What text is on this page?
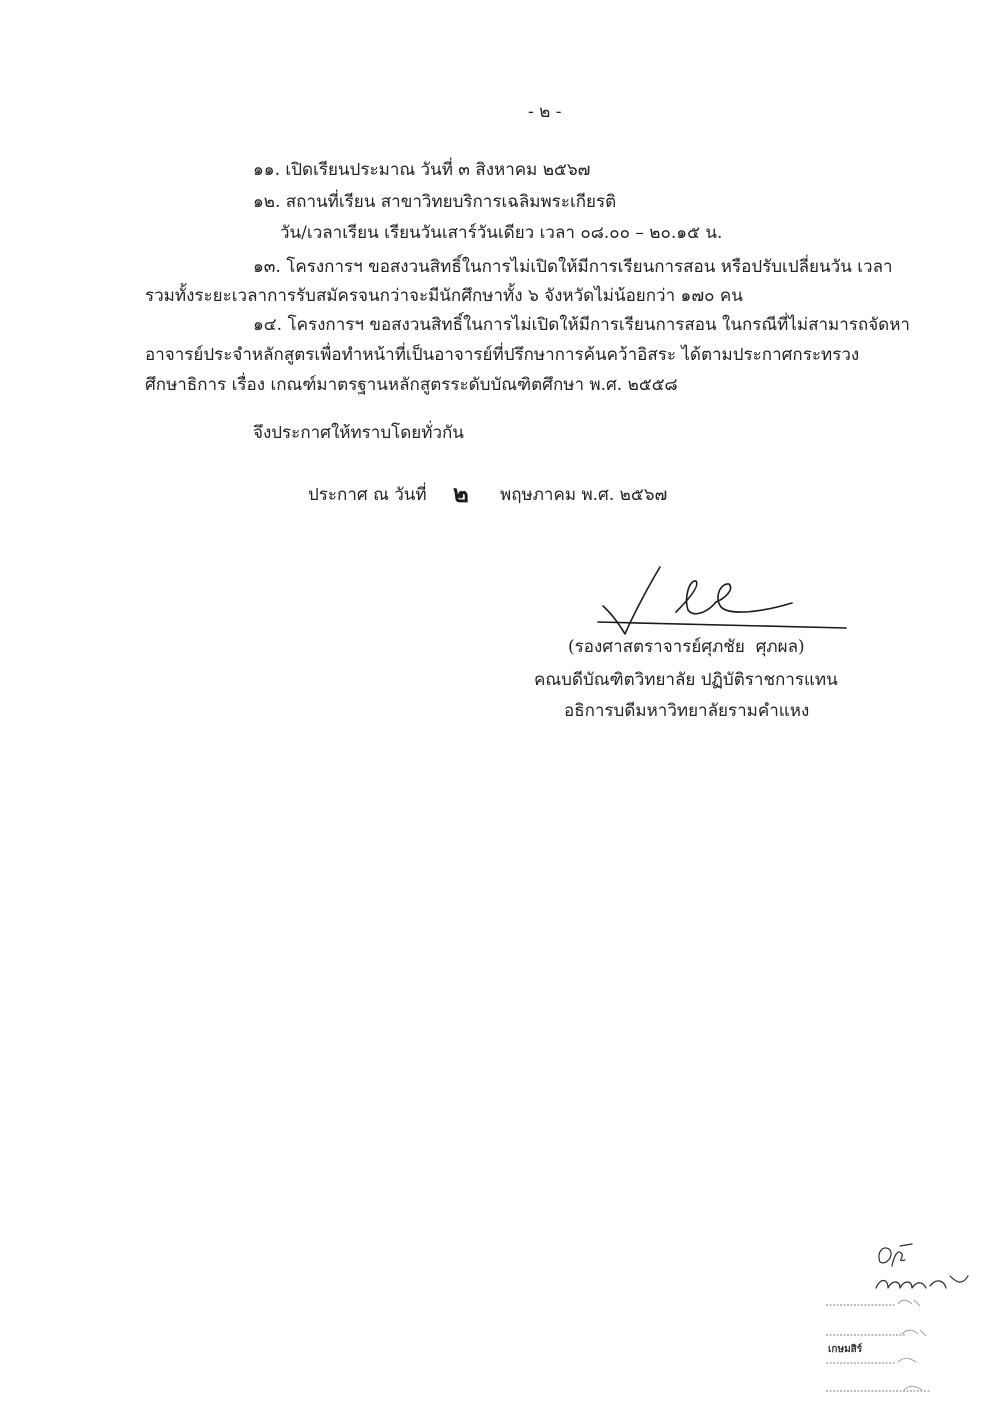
- ๒ -
๑๑. เปิดเรียนประมาณ วันที่ ๓ สิงหาคม ๒๕๖๗
๑๒. สถานที่เรียน สาขาวิทยบริการเฉลิมพระเกียรติ
วัน/เวลาเรียน เรียนวันเสาร์วันเดียว เวลา ๐๘.๐๐ – ๒๐.๑๕ น.
๑๓. โครงการฯ ขอสงวนสิทธิ์ในการไม่เปิดให้มีการเรียนการสอน หรือปรับเปลี่ยนวัน เวลา
รวมทั้งระยะเวลาการรับสมัครจนกว่าจะมีนักศึกษาทั้ง ๖ จังหวัดไม่น้อยกว่า ๑๗๐ คน
๑๔. โครงการฯ ขอสงวนสิทธิ์ในการไม่เปิดให้มีการเรียนการสอน ในกรณีที่ไม่สามารถจัดหา
อาจารย์ประจำหลักสูตรเพื่อทำหน้าที่เป็นอาจารย์ที่ปรึกษาการค้นคว้าอิสระ ได้ตามประกาศกระทรวง
ศึกษาธิการ เรื่อง เกณฑ์มาตรฐานหลักสูตรระดับบัณฑิตศึกษา พ.ศ. ๒๕๕๘
จึงประกาศให้ทราบโดยทั่วกัน
ประกาศ ณ วันที่ ๒ พฤษภาคม พ.ศ. ๒๕๖๗
(รองศาสตราจารย์ศุภชัย  ศุภผล)
คณบดีบัณฑิตวิทยาลัย ปฏิบัติราชการแทน
อธิการบดีมหาวิทยาลัยรามคำแหง
เกษมสิร์
